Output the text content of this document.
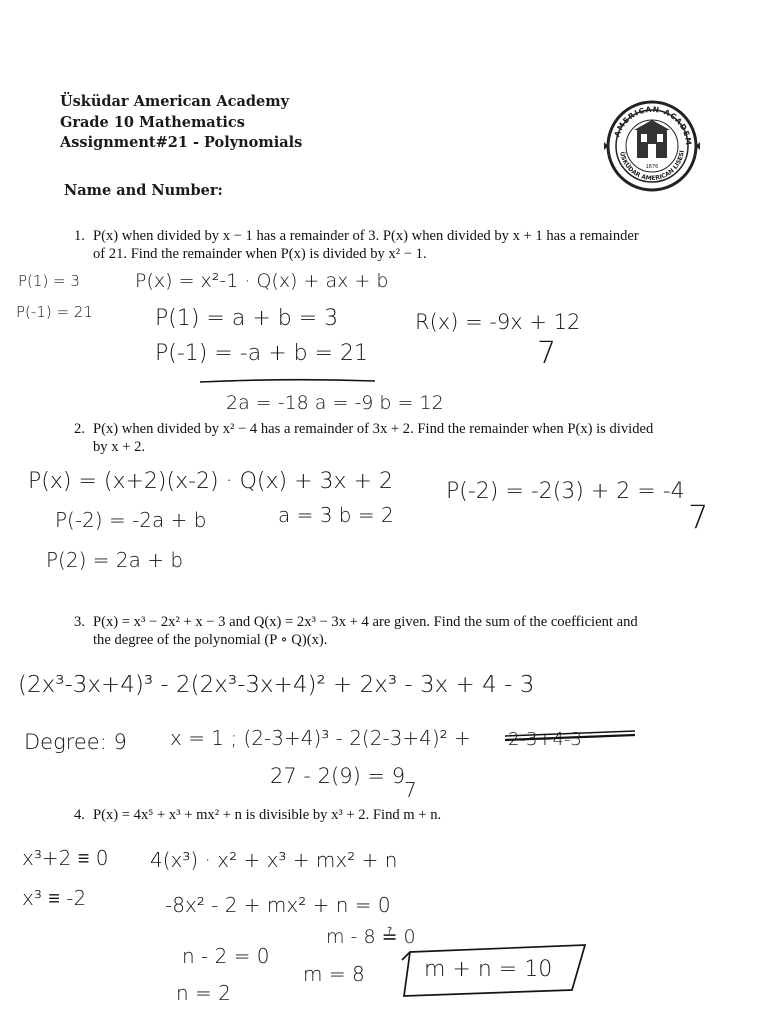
Üsküdar American Academy
Grade 10 Mathematics
Assignment#21 - Polynomials
AMERICAN ACADEM
ÜSKÜDAR AMERICAN LISESI
1876
Name and Number:
1. P(x) when divided by x − 1 has a remainder of 3. P(x) when divided by x + 1 has a remainder
of 21. Find the remainder when P(x) is divided by x² − 1.
2. P(x) when divided by x² − 4 has a remainder of 3x + 2. Find the remainder when P(x) is divided
by x + 2.
3. P(x) = x³ − 2x² + x − 3 and Q(x) = 2x³ − 3x + 4 are given. Find the sum of the coefficient and
the degree of the polynomial (P ∘ Q)(x).
4. P(x) = 4x⁵ + x³ + mx² + n is divisible by x³ + 2. Find m + n.
P(1) = 3
P(-1) = 21
P(x) = x²-1 · Q(x) + ax + b
P(1) = a + b = 3	R(x) = -9x + 12
P(-1) = -a + b = 21	7
2a = -18 a = -9 b = 12
P(x) = (x+2)(x-2) · Q(x) + 3x + 2 P(-2) = -2(3) + 2 = -4
7
P(-2) = -2a + b	a = 3 b = 2
P(2) = 2a + b
(2x³-3x+4)³ - 2(2x³-3x+4)² + 2x³ - 3x + 4 - 3
Degree: 9 x = 1 ; (2-3+4)³ - 2(2-3+4)² + 2-3+4-3
27 - 2(9) = 9
7
x³+2 ≡ 0 4(x³) · x² + x³ + mx² + n
x³ ≡ -2	-8x² - 2 + mx² + n = 0
m - 8 ≟ 0
n - 2 = 0
m = 8	m + n = 10
n = 2
